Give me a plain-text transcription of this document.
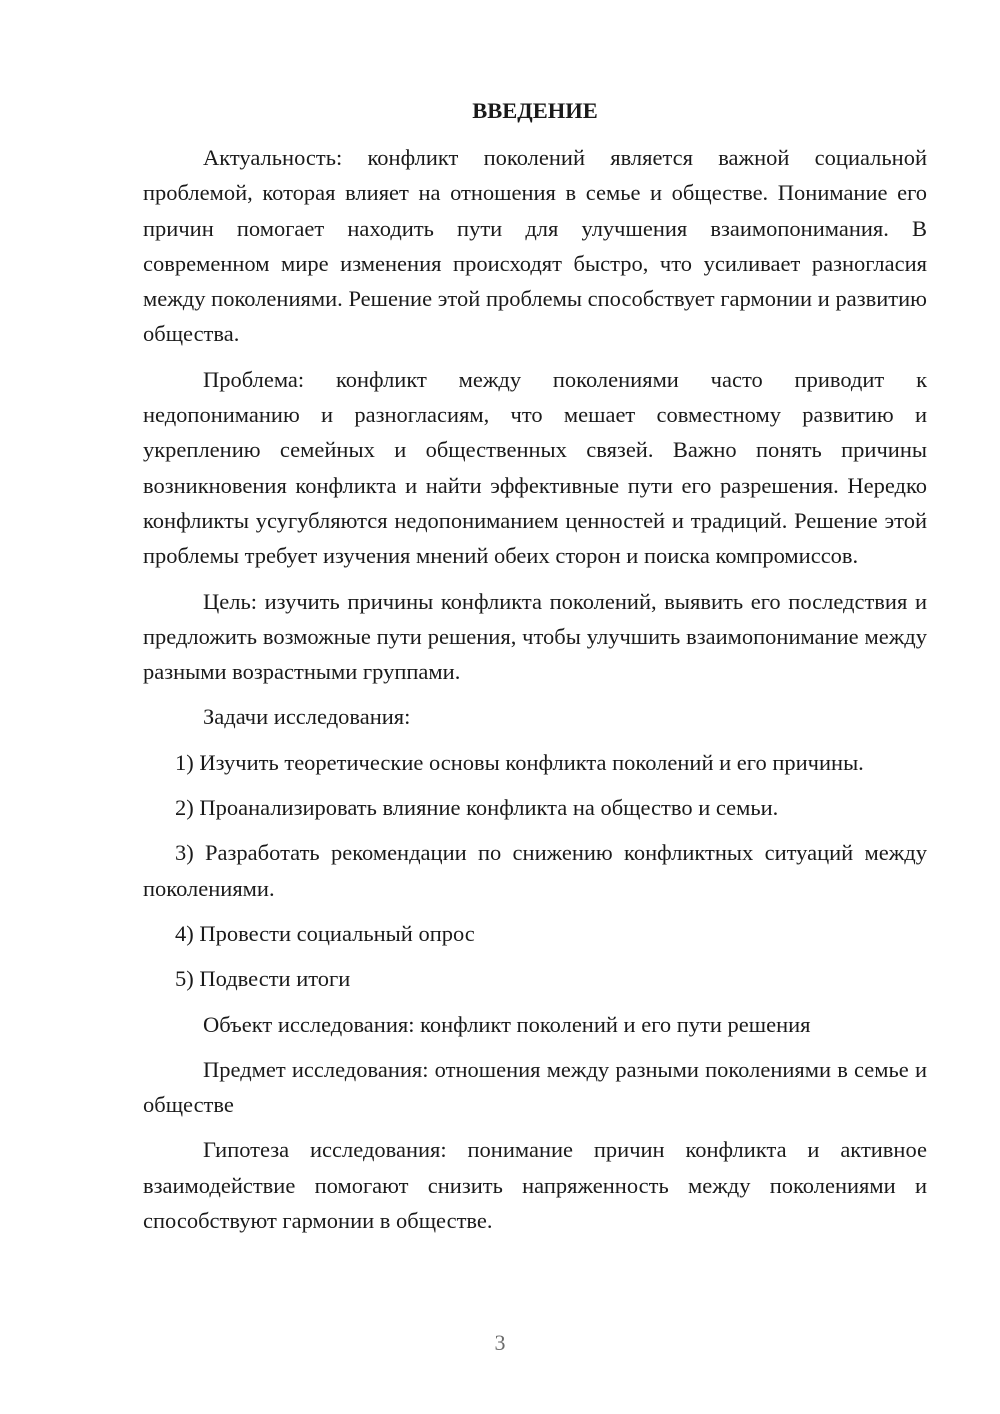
ВВЕДЕНИЕ

Актуальность: конфликт поколений является важной социальной проблемой, которая влияет на отношения в семье и обществе. Понимание его причин помогает находить пути для улучшения взаимопонимания. В современном мире изменения происходят быстро, что усиливает разногласия между поколениями. Решение этой проблемы способствует гармонии и развитию общества.

Проблема: конфликт между поколениями часто приводит к недопониманию и разногласиям, что мешает совместному развитию и укреплению семейных и общественных связей. Важно понять причины возникновения конфликта и найти эффективные пути его разрешения. Нередко конфликты усугубляются недопониманием ценностей и традиций. Решение этой проблемы требует изучения мнений обеих сторон и поиска компромиссов.

Цель: изучить причины конфликта поколений, выявить его последствия и предложить возможные пути решения, чтобы улучшить взаимопонимание между разными возрастными группами.

Задачи исследования:

1) Изучить теоретические основы конфликта поколений и его причины.

2) Проанализировать влияние конфликта на общество и семьи.

3) Разработать рекомендации по снижению конфликтных ситуаций между поколениями.

4) Провести социальный опрос

5) Подвести итоги

Объект исследования: конфликт поколений и его пути решения

Предмет исследования: отношения между разными поколениями в семье и обществе

Гипотеза исследования: понимание причин конфликта и активное взаимодействие помогают снизить напряженность между поколениями и способствуют гармонии в обществе.

3
